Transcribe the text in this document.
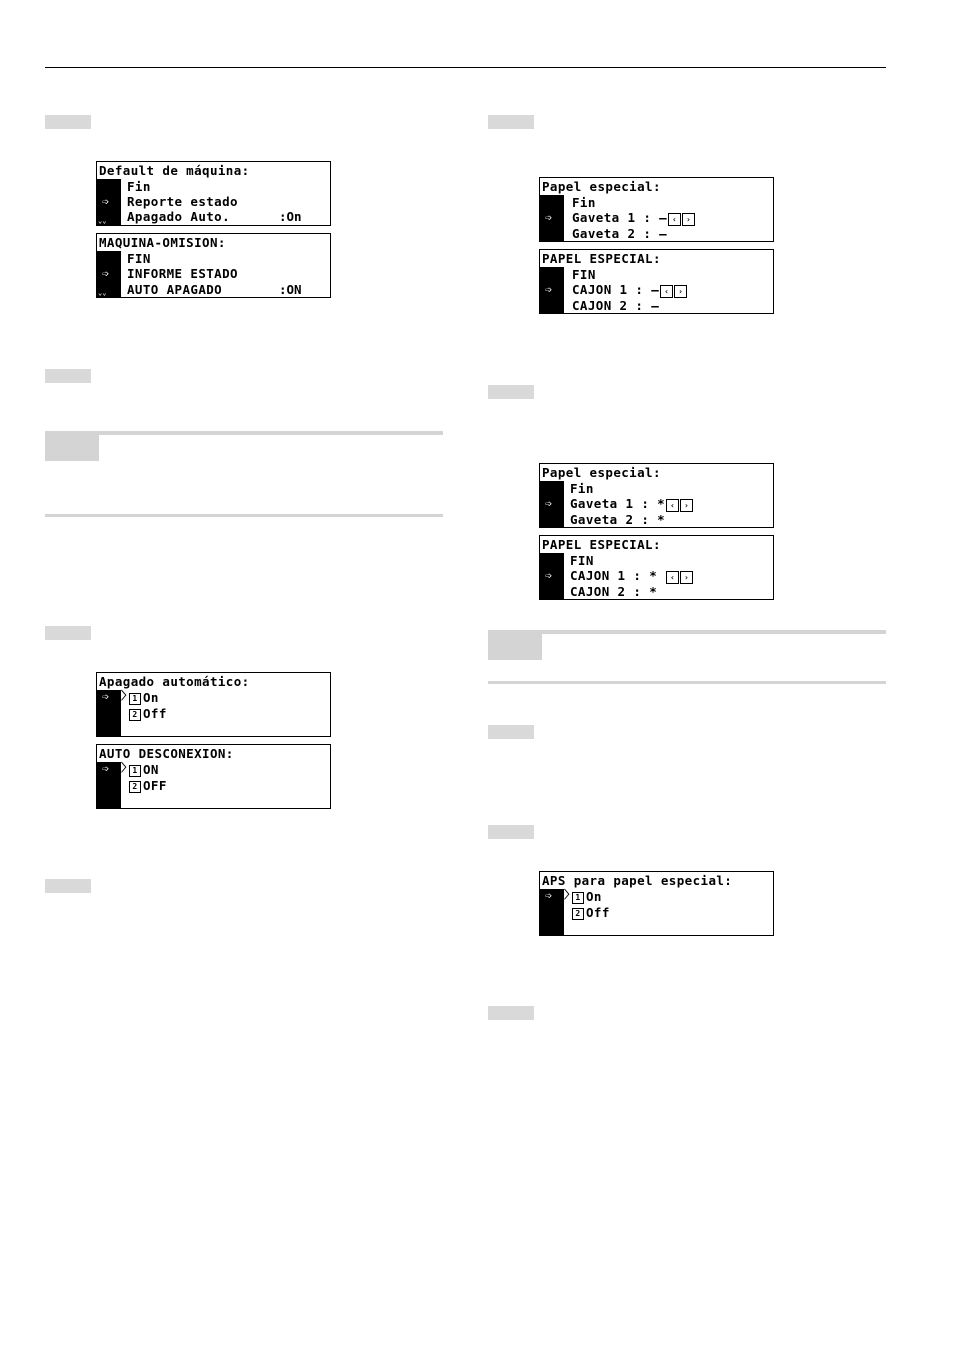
Default de máquina:
➩
⌄⌄
Fin
Reporte estado
Apagado Auto.	:On
MAQUINA-OMISION:
➩
⌄⌄
FIN
INFORME ESTADO
AUTO APAGADO	:ON
Apagado automático:
➩ 〉 1 On
2 Off
AUTO DESCONEXION:
➩ 〉 1 ON
2 OFF
Papel especial:
➩
Fin
Gaveta 1 : – ‹ ›
Gaveta 2 : –
PAPEL ESPECIAL:
➩
FIN
CAJON 1 : – ‹ ›
CAJON 2 : –
Papel especial:
➩
Fin
Gaveta 1 : * ‹ ›
Gaveta 2 : *
PAPEL ESPECIAL:
➩
FIN
CAJON 1 : * ‹ ›
CAJON 2 : *
APS para papel especial:
➩ 〉 1 On
2 Off
